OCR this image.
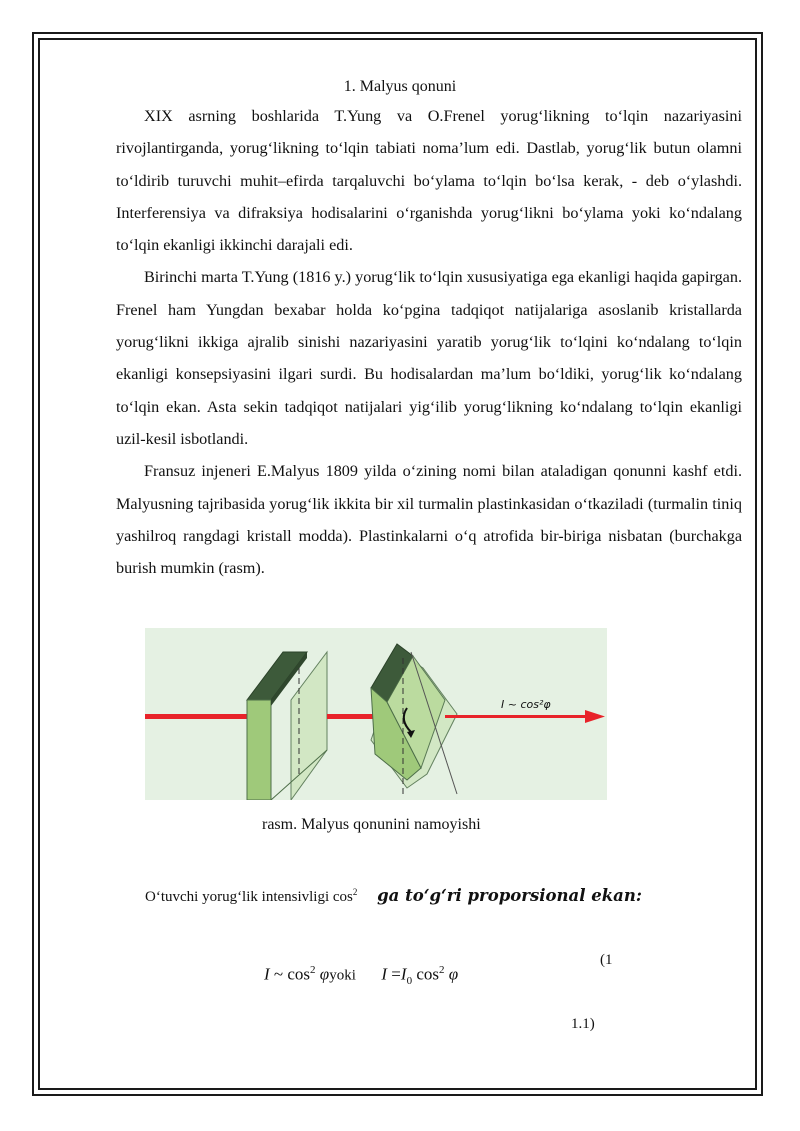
1. Malyus qonuni

XIX asrning boshlarida T.Yung va O.Frenel yorug‘likning to‘lqin nazariyasini rivojlantirganda, yorug‘likning to‘lqin tabiati noma’lum edi. Dastlab, yorug‘lik butun olamni to‘ldirib turuvchi muhit–efirda tarqaluvchi bo‘ylama to‘lqin bo‘lsa kerak, - deb o‘ylashdi. Interferensiya va difraksiya hodisalarini o‘rganishda yorug‘likni bo‘ylama yoki ko‘ndalang to‘lqin ekanligi ikkinchi darajali edi.

Birinchi marta T.Yung (1816 y.) yorug‘lik to‘lqin xususiyatiga ega ekanligi haqida gapirgan. Frenel ham Yungdan bexabar holda ko‘pgina tadqiqot natijalariga asoslanib kristallarda yorug‘likni ikkiga ajralib sinishi nazariyasini yaratib yorug‘lik to‘lqini ko‘ndalang to‘lqin ekanligi konsepsiyasini ilgari surdi. Bu hodisalardan ma’lum bo‘ldiki, yorug‘lik ko‘ndalang to‘lqin ekan. Asta sekin tadqiqot natijalari yig‘ilib yorug‘likning ko‘ndalang to‘lqin ekanligi uzil-kesil isbotlandi.

Fransuz injeneri E.Malyus 1809 yilda o‘zining nomi bilan ataladigan qonunni kashf etdi. Malyusning tajribasida yorug‘lik ikkita bir xil turmalin plastinkasidan o‘tkaziladi (turmalin tiniq yashilroq rangdagi kristall modda). Plastinkalarni o‘q atrofida bir-biriga nisbatan (burchakga burish mumkin (rasm).

I ~ cos²φ
rasm. Malyus qonunini namoyishi
O‘tuvchi yorug‘lik intensivligi $\cos^2$ ga to‘g‘ri proporsional ekan:
I ~ $\cos^2$ φyoki $I =I_0$ $\cos^2 \varphi$
(1
1.1)
